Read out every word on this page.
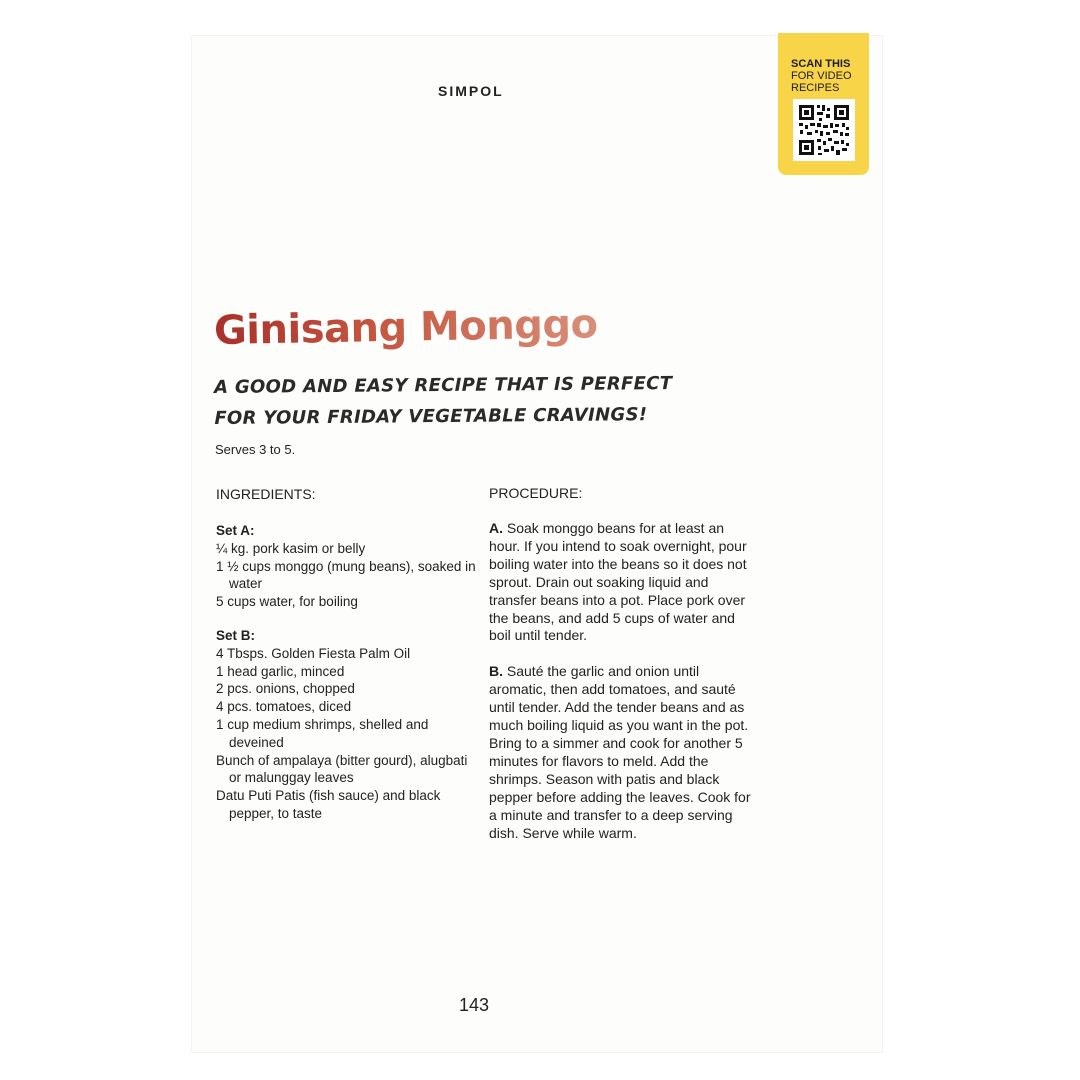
SIMPOL
SCAN THIS
FOR VIDEO
RECIPES
Ginisang Monggo
A GOOD AND EASY RECIPE THAT IS PERFECT FOR YOUR FRIDAY VEGETABLE CRAVINGS!
Serves 3 to 5.
INGREDIENTS:	PROCEDURE:
Set A:
¼ kg. pork kasim or belly
1 ½ cups monggo (mung beans), soaked in water
5 cups water, for boiling
Set B:
4 Tbsps. Golden Fiesta Palm Oil
1 head garlic, minced
2 pcs. onions, chopped
4 pcs. tomatoes, diced
1 cup medium shrimps, shelled and deveined
Bunch of ampalaya (bitter gourd), alugbati or malunggay leaves
Datu Puti Patis (fish sauce) and black pepper, to taste

A. Soak monggo beans for at least an hour. If you intend to soak overnight, pour boiling water into the beans so it does not sprout. Drain out soaking liquid and transfer beans into a pot. Place pork over the beans, and add 5 cups of water and boil until tender.

B. Sauté the garlic and onion until aromatic, then add tomatoes, and sauté until tender. Add the tender beans and as much boiling liquid as you want in the pot. Bring to a simmer and cook for another 5 minutes for flavors to meld. Add the shrimps. Season with patis and black pepper before adding the leaves. Cook for a minute and transfer to a deep serving dish. Serve while warm.

143
